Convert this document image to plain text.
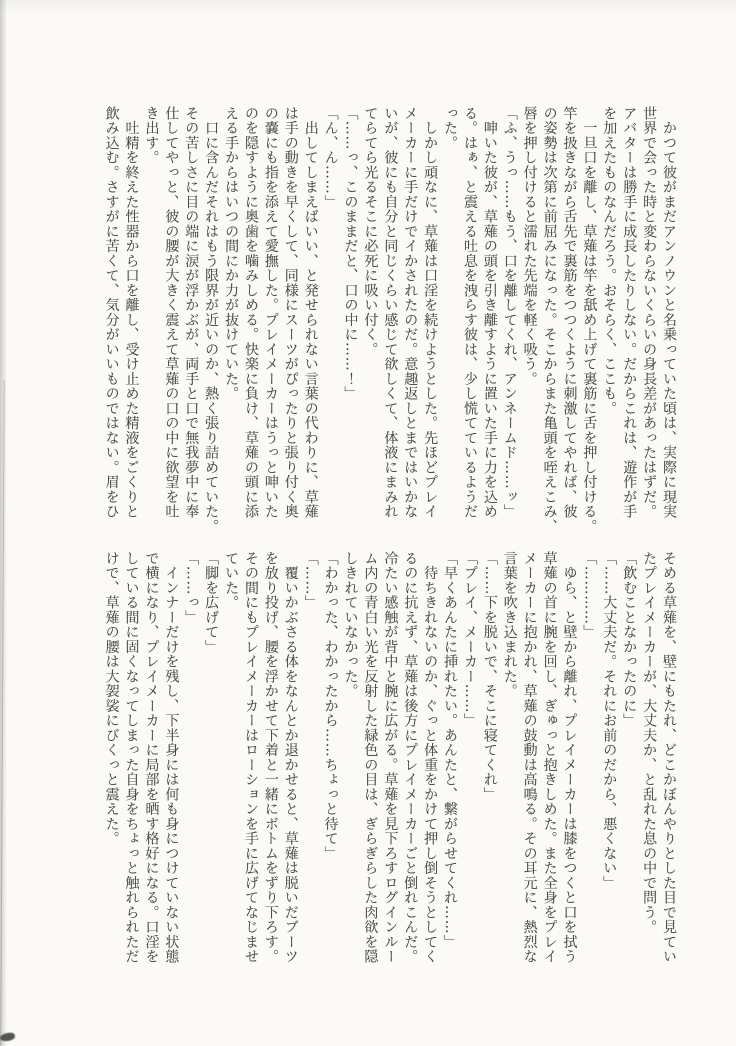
　かつて彼がまだアンノウンと名乗っていた頃は、実際に現実
世界で会った時と変わらないくらいの身長差があったはずだ。
アバターは勝手に成長したりしない。だからこれは、遊作が手
を加えたものなんだろう。おそらく、ここも。
　一旦口を離し、草薙は竿を舐め上げて裏筋に舌を押し付ける。
竿を扱きながら舌先で裏筋をつつくように刺激してやれば、彼
の姿勢は次第に前屈みになった。そこからまた亀頭を咥えこみ、
唇を押し付けると濡れた先端を軽く吸う。
「ふ、うっ……もう、口を離してくれ、アンネームド……ッ」
　呻いた彼が、草薙の頭を引き離すように置いた手に力を込め
る。はぁ、と震える吐息を洩らす彼は、少し慌てているようだ
った。
　しかし頑なに、草薙は口淫を続けようとした。先ほどプレイ
メーカーに手だけでイかされたのだ。意趣返しとまではいかな
いが、彼にも自分と同じくらい感じて欲しくて、体液にまみれ
てらてら光るそこに必死に吸い付く。
「……っ、このままだと、口の中に……！」
「ん、ん……」
　出してしまえばいい、と発せられない言葉の代わりに、草薙
は手の動きを早くして、同様にスーツがぴったりと張り付く奥
の嚢にも指を添えて愛撫した。プレイメーカーはうっと呻いた
のを隠すように奥歯を噛みしめる。快楽に負け、草薙の頭に添
える手からはいつの間にか力が抜けていた。
　口に含んだそれはもう限界が近いのか、熱く張り詰めていた。
その苦しさに目の端に涙が浮かぶが、両手と口で無我夢中に奉
仕してやっと、彼の腰が大きく震えて草薙の口の中に欲望を吐
き出す。
　吐精を終えた性器から口を離し、受け止めた精液をごくりと
飲み込む。さすがに苦くて、気分がいいものではない。眉をひ
そめる草薙を、壁にもたれ、どこかぼんやりとした目で見てい
たプレイメーカーが、大丈夫か、と乱れた息の中で問う。
「飲むことなかったのに」
「……大丈夫だ。それにお前のだから、悪くない」
「…………」
　ゆら、と壁から離れ、プレイメーカーは膝をつくと口を拭う
草薙の首に腕を回し、ぎゅっと抱きしめた。また全身をプレイ
メーカーに抱かれ、草薙の鼓動は高鳴る。その耳元に、熱烈な
言葉を吹き込まれた。
「……下を脱いで、そこに寝てくれ」
「プレイ、メーカー……」
「早くあんたに挿れたい。あんたと、繋がらせてくれ……」
　待ちきれないのか、ぐっと体重をかけて押し倒そうとしてく
るのに抗えず、草薙は後方にプレイメーカーごと倒れこんだ。
冷たい感触が背中と腕に広がる。草薙を見下ろすログインルー
ム内の青白い光を反射した緑色の目は、ぎらぎらした肉欲を隠
しきれていなかった。
「わかった、わかったから……ちょっと待て」
「……」
　覆いかぶさる体をなんとか退かせると、草薙は脱いだブーツ
を放り投げ、腰を浮かせて下着と一緒にボトムをずり下ろす。
その間にもプレイメーカーはローションを手に広げてなじませ
ていた。
「脚を広げて」
「……っ」
　インナーだけを残し、下半身には何も身につけていない状態
で横になり、プレイメーカーに局部を晒す格好になる。口淫を
している間に固くなってしまった自身をちょっと触れられただ
けで、草薙の腰は大袈裟にびくっと震えた。
